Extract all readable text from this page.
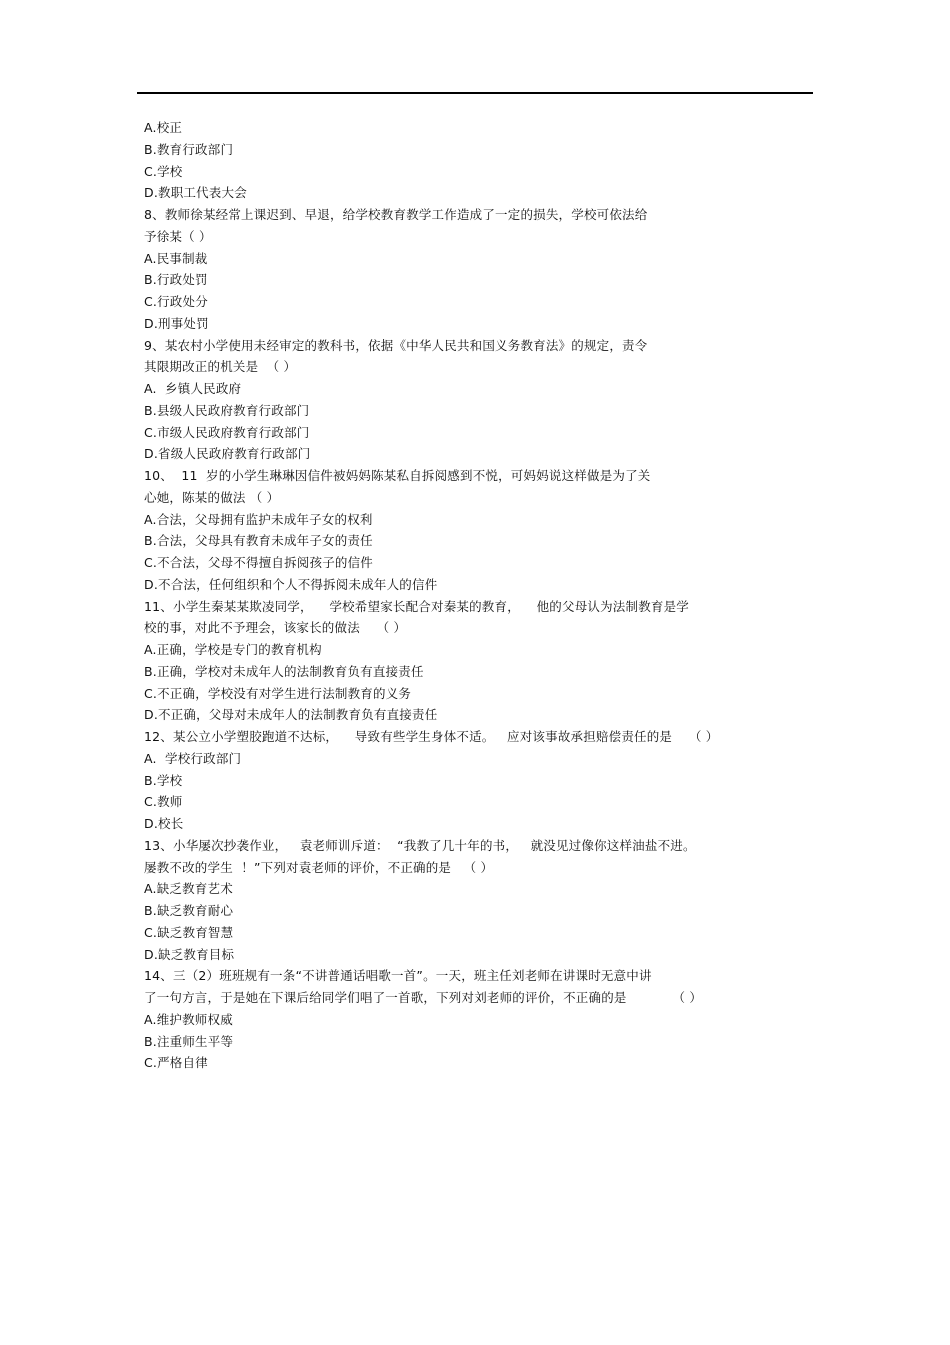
A.校正
B.教育行政部门
C.学校
D.教职工代表大会
8、教师徐某经常上课迟到、早退，给学校教育教学工作造成了一定的损失，学校可依法给
予徐某（ ）
A.民事制裁
B.行政处罚
C.行政处分
D.刑事处罚
9、某农村小学使用未经审定的教科书，依据《中华人民共和国义务教育法》的规定，责令
其限期改正的机关是  （ ）
A.  乡镇人民政府
B.县级人民政府教育行政部门
C.市级人民政府教育行政部门
D.省级人民政府教育行政部门
10、  11  岁的小学生琳琳因信件被妈妈陈某私自拆阅感到不悦，可妈妈说这样做是为了关
心她，陈某的做法 （ ）
A.合法，父母拥有监护未成年子女的权利
B.合法，父母具有教育未成年子女的责任
C.不合法，父母不得擅自拆阅孩子的信件
D.不合法，任何组织和个人不得拆阅未成年人的信件
11、小学生秦某某欺凌同学，    学校希望家长配合对秦某的教育，    他的父母认为法制教育是学
校的事，对此不予理会，该家长的做法    （ ）
A.正确，学校是专门的教育机构
B.正确，学校对未成年人的法制教育负有直接责任
C.不正确，学校没有对学生进行法制教育的义务
D.不正确，父母对未成年人的法制教育负有直接责任
12、某公立小学塑胶跑道不达标，    导致有些学生身体不适。   应对该事故承担赔偿责任的是    （ ）
A.  学校行政部门
B.学校
C.教师
D.校长
13、小华屡次抄袭作业，   袁老师训斥道：  “我教了几十年的书，   就没见过像你这样油盐不进。
屡教不改的学生  ！”下列对袁老师的评价，不正确的是   （ ）
A.缺乏教育艺术
B.缺乏教育耐心
C.缺乏教育智慧
D.缺乏教育目标
14、三（2）班班规有一条“不讲普通话唱歌一首”。一天，班主任刘老师在讲课时无意中讲
了一句方言，于是她在下课后给同学们唱了一首歌，下列对刘老师的评价，不正确的是           （ ）
A.维护教师权威
B.注重师生平等
C.严格自律
